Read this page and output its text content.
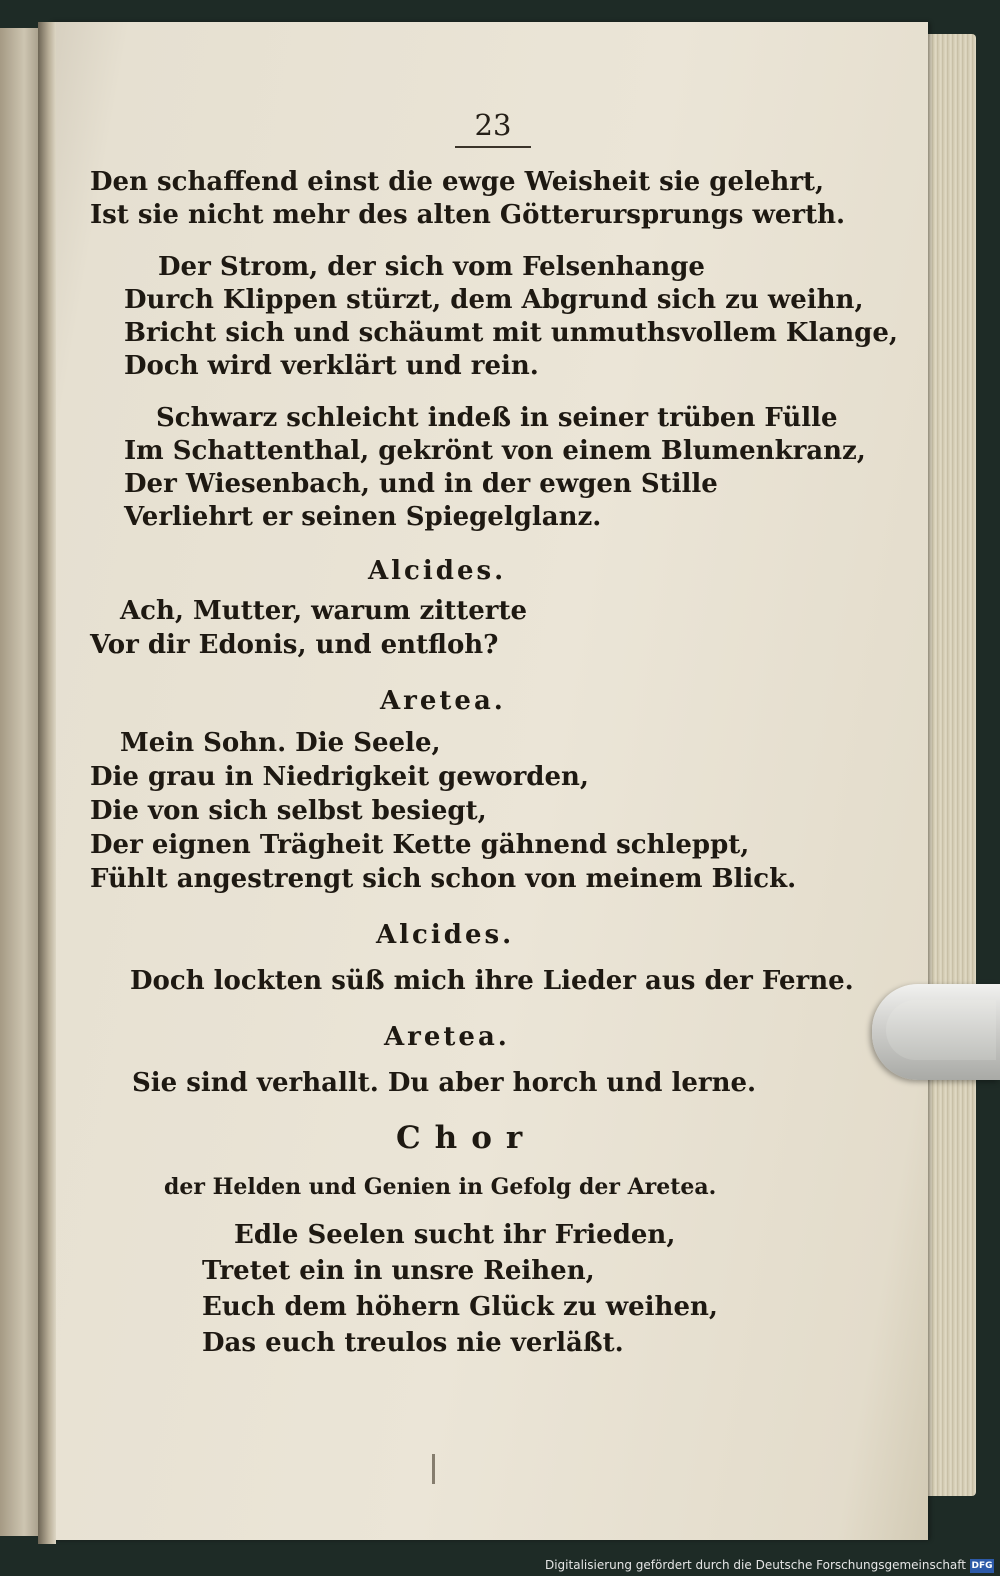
23
Den schaffend einst die ewge Weisheit sie gelehrt,
Ist sie nicht mehr des alten Götterursprungs werth.
Der Strom, der sich vom Felsenhange
Durch Klippen stürzt, dem Abgrund sich zu weihn,
Bricht sich und schäumt mit unmuthsvollem Klange,
Doch wird verklärt und rein.
Schwarz schleicht indeß in seiner trüben Fülle
Im Schattenthal, gekrönt von einem Blumenkranz,
Der Wiesenbach, und in der ewgen Stille
Verliehrt er seinen Spiegelglanz.
Alcides.
Ach, Mutter, warum zitterte
Vor dir Edonis, und entfloh?
Aretea.
Mein Sohn. Die Seele,
Die grau in Niedrigkeit geworden,
Die von sich selbst besiegt,
Der eignen Trägheit Kette gähnend schleppt,
Fühlt angestrengt sich schon von meinem Blick.
Alcides.
Doch lockten süß mich ihre Lieder aus der Ferne.
Aretea.
Sie sind verhallt. Du aber horch und lerne.
Chor
der Helden und Genien in Gefolg der Aretea.
Edle Seelen sucht ihr Frieden,
Tretet ein in unsre Reihen,
Euch dem höhern Glück zu weihen,
Das euch treulos nie verläßt.
Digitalisierung gefördert durch die Deutsche Forschungsgemeinschaft DFG
